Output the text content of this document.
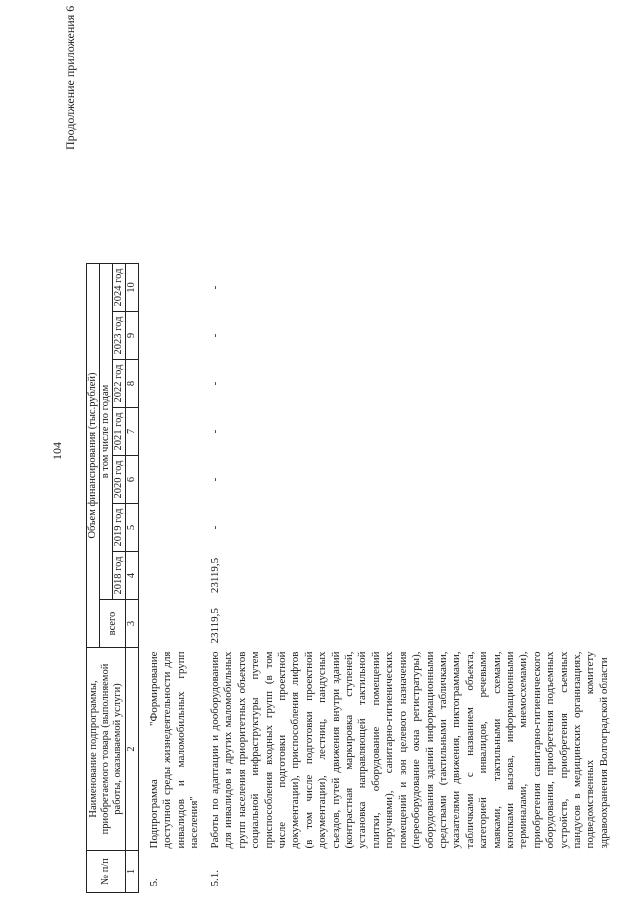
104
Продолжение приложения 6
№ п/п	Наименование подпрограммы, приобретаемого товара (выполняемой работы, оказываемой услуги)	Объем финансирования (тыс.рублей)							
		всего	в том числе по годам						
			2018 год	2019 год	2020 год	2021 год	2022 год	2023 год	2024 год
1	2	3	4	5	6	7	8	9	10

5.	Подпрограмма "Формирование доступной среды жизнедеятельности для инвалидов и маломобильных групп населения"								
5.1.	Работы по адаптации и дооборудованию для инвалидов и других маломобильных групп населения приоритетных объектов социальной инфраструктуры путем приспособления входных групп (в том числе подготовки проектной документации), приспособления лифтов (в том числе подготовки проектной документации), лестниц, пандусных съездов, путей движения внутри зданий (контрастная маркировка ступеней, установка направляющей тактильной плитки, оборудование помещений поручнями), санитарно-гигиенических помещений и зон целевого назначения (переоборудование окна регистратуры), оборудования зданий информационными средствами (тактильными табличками, указателями движения, пиктограммами, табличками с названием объекта, категорией инвалидов, речевыми маяками, тактильными схемами, кнопками вызова, информационными терминалами, мнемосхемами), приобретения санитарно-гигиенического оборудования, приобретения подъемных устройств, приобретения съемных пандусов в медицинских организациях, подведомственных комитету здравоохранения Волгоградской области	23119,5	23119,5	-	-	-	-	-	-
